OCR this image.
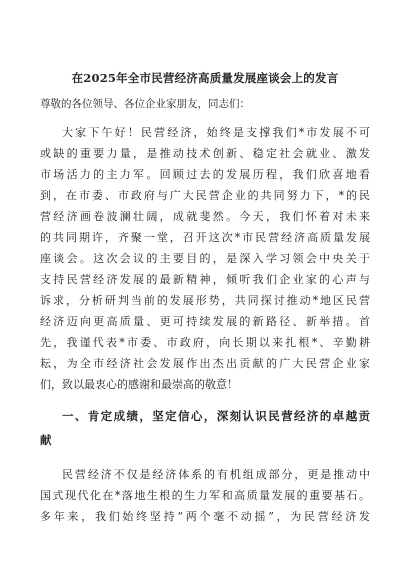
在2025年全市民营经济高质量发展座谈会上的发言
尊敬的各位领导、各位企业家朋友，同志们：
大家下午好！民营经济，始终是支撑我们*市发展不可
或缺的重要力量，是推动技术创新、稳定社会就业、激发
市场活力的主力军。回顾过去的发展历程，我们欣喜地看
到，在市委、市政府与广大民营企业的共同努力下，*的民
营经济画卷波澜壮阔，成就斐然。今天，我们怀着对未来
的共同期许，齐聚一堂，召开这次*市民营经济高质量发展
座谈会。这次会议的主要目的，是深入学习领会中央关于
支持民营经济发展的最新精神，倾听我们企业家的心声与
诉求，分析研判当前的发展形势，共同探讨推动*地区民营
经济迈向更高质量、更可持续发展的新路径、新举措。首
先，我谨代表*市委、市政府，向长期以来扎根*、辛勤耕
耘，为全市经济社会发展作出杰出贡献的广大民营企业家
们，致以最衷心的感谢和最崇高的敬意！
一、肯定成绩，坚定信心，深刻认识民营经济的卓越贡
献
民营经济不仅是经济体系的有机组成部分，更是推动中
国式现代化在*落地生根的生力军和高质量发展的重要基石。
多年来，我们始终坚持“两个毫不动摇”，为民营经济发
